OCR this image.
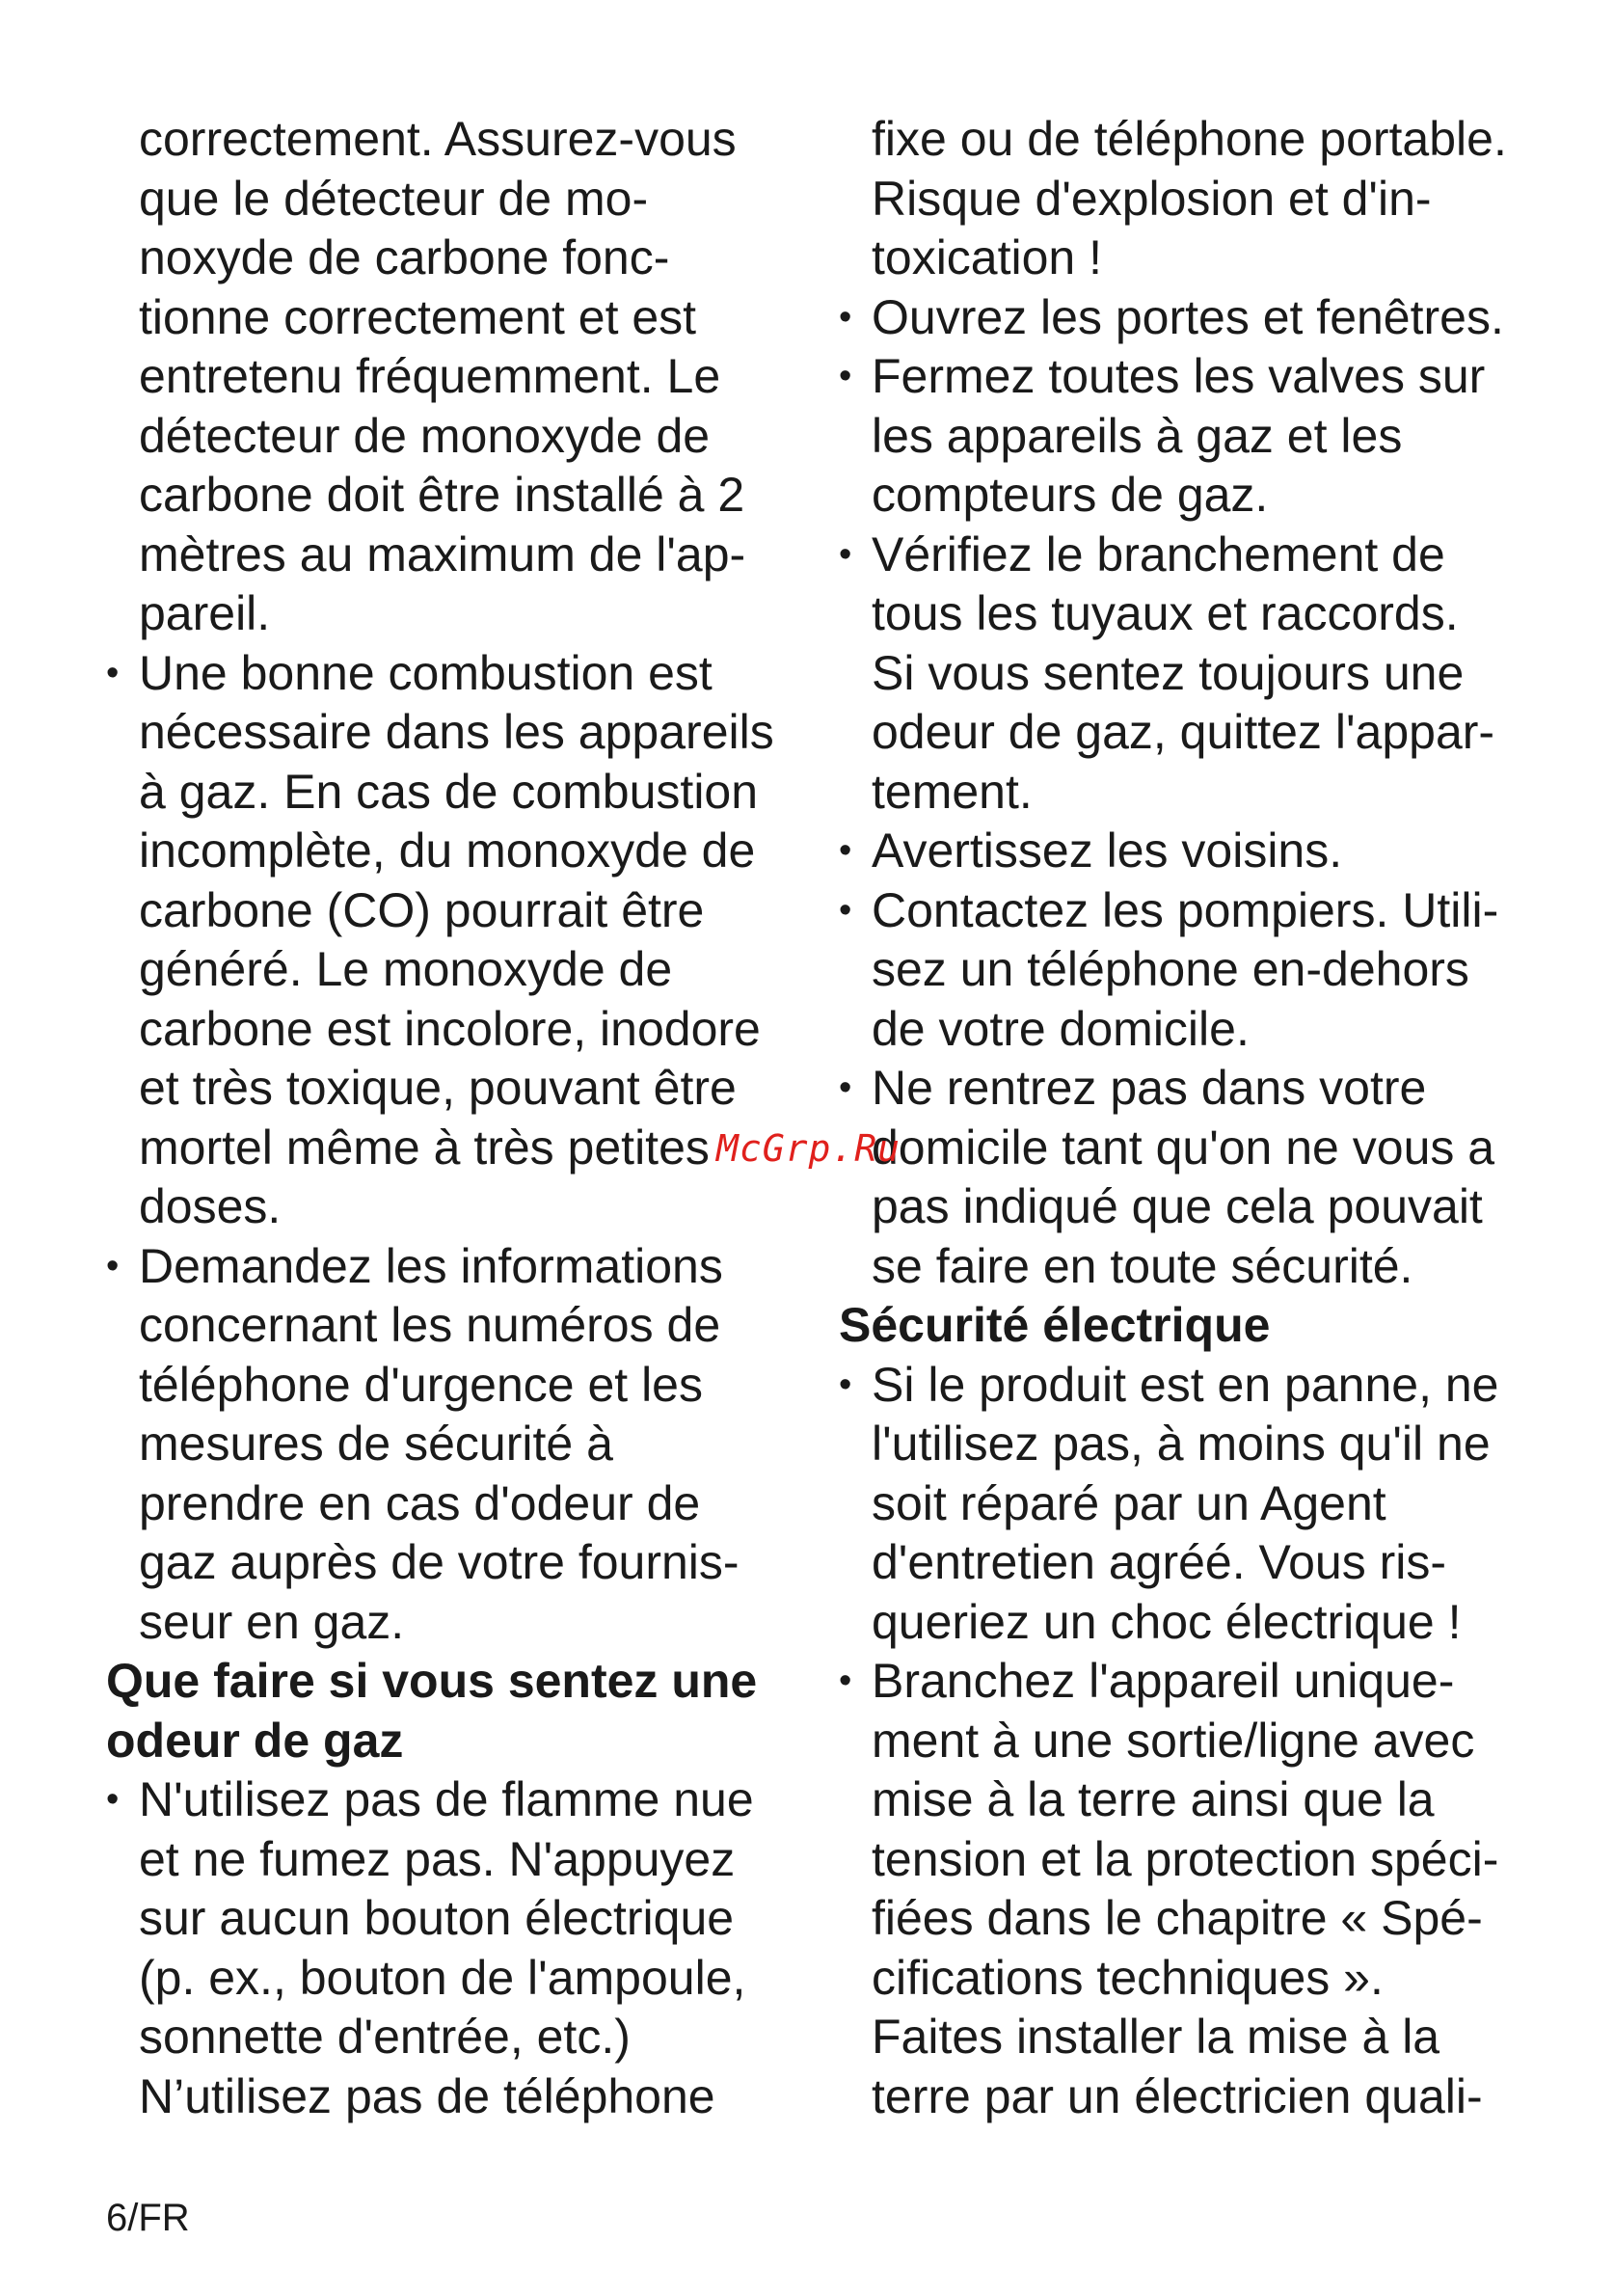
correctement. Assurez-vous
que le détecteur de mo-
noxyde de carbone fonc-
tionne correctement et est
entretenu fréquemment. Le
détecteur de monoxyde de
carbone doit être installé à 2
mètres au maximum de l'ap-
pareil.
• Une bonne combustion est
nécessaire dans les appareils
à gaz. En cas de combustion
incomplète, du monoxyde de
carbone (CO) pourrait être
généré. Le monoxyde de
carbone est incolore, inodore
et très toxique, pouvant être
mortel même à très petites
doses.
• Demandez les informations
concernant les numéros de
téléphone d'urgence et les
mesures de sécurité à
prendre en cas d'odeur de
gaz auprès de votre fournis-
seur en gaz.
Que faire si vous sentez une
odeur de gaz
• N'utilisez pas de flamme nue
et ne fumez pas. N'appuyez
sur aucun bouton électrique
(p. ex., bouton de l'ampoule,
sonnette d'entrée, etc.)
N’utilisez pas de téléphone
fixe ou de téléphone portable.
Risque d'explosion et d'in-
toxication !
• Ouvrez les portes et fenêtres.
• Fermez toutes les valves sur
les appareils à gaz et les
compteurs de gaz.
• Vérifiez le branchement de
tous les tuyaux et raccords.
Si vous sentez toujours une
odeur de gaz, quittez l'appar-
tement.
• Avertissez les voisins.
• Contactez les pompiers. Utili-
sez un téléphone en-dehors
de votre domicile.
• Ne rentrez pas dans votre
domicile tant qu'on ne vous a
pas indiqué que cela pouvait
se faire en toute sécurité.
Sécurité électrique
• Si le produit est en panne, ne
l'utilisez pas, à moins qu'il ne
soit réparé par un Agent
d'entretien agréé. Vous ris-
queriez un choc électrique !
• Branchez l'appareil unique-
ment à une sortie/ligne avec
mise à la terre ainsi que la
tension et la protection spéci-
fiées dans le chapitre « Spé-
cifications techniques ».
Faites installer la mise à la
terre par un électricien quali-
McGrp.Ru
6/FR
